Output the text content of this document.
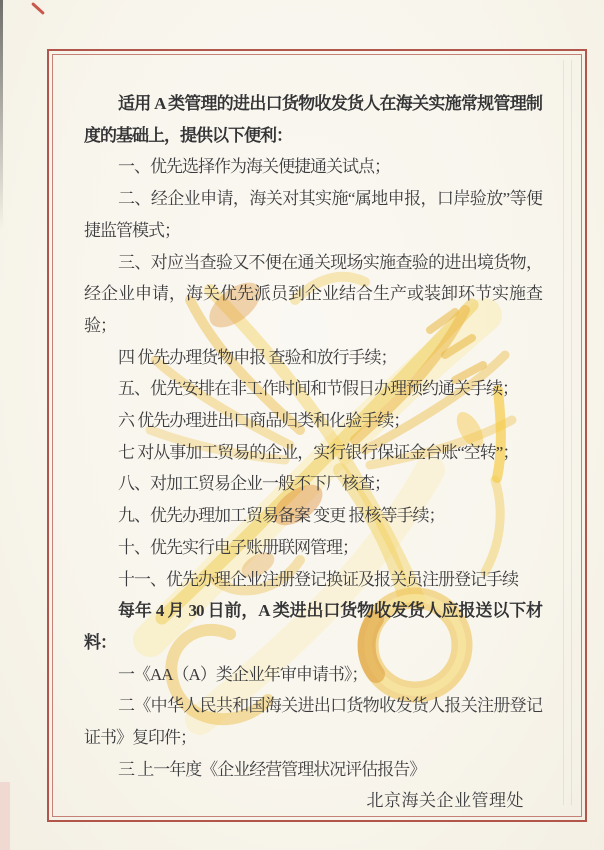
适用 A 类管理的进出口货物收发货人在海关实施常规管理制度的基础上，提供以下便利：
一、优先选择作为海关便捷通关试点；
二、经企业申请，海关对其实施“属地申报，口岸验放”等便捷监管模式；
三、对应当查验又不便在通关现场实施查验的进出境货物，经企业申请，海关优先派员到企业结合生产或装卸环节实施查验；
四 优先办理货物申报 查验和放行手续；
五、优先安排在非工作时间和节假日办理预约通关手续；
六 优先办理进出口商品归类和化验手续；
七 对从事加工贸易的企业，实行银行保证金台账“空转”；
八、对加工贸易企业一般不下厂核查；
九、优先办理加工贸易备案 变更 报核等手续；
十、优先实行电子账册联网管理；
十一、优先办理企业注册登记换证及报关员注册登记手续
每年 4 月 30 日前，A 类进出口货物收发货人应报送以下材料：
一《AA（A）类企业年审申请书》；
二《中华人民共和国海关进出口货物收发货人报关注册登记证书》复印件；
三 上一年度《企业经营管理状况评估报告》
北京海关企业管理处
